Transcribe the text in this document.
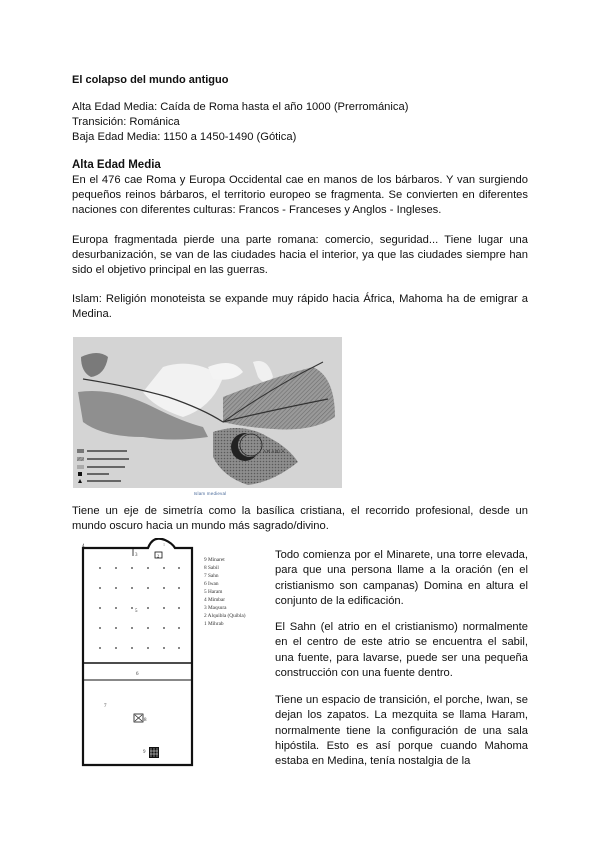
El colapso del mundo antiguo

Alta Edad Media: Caída de Roma hasta el año 1000 (Prerrománica)
Transición: Románica
Baja Edad Media: 1150 a 1450-1490 (Gótica)

Alta Edad Media

En el 476 cae Roma y Europa Occidental cae en manos de los bárbaros. Y van surgiendo pequeños reinos bárbaros, el territorio europeo se fragmenta. Se convierten en diferentes naciones con diferentes culturas: Francos - Franceses y Anglos - Ingleses.

Europa fragmentada pierde una parte romana: comercio, seguridad... Tiene lugar una desurbanización, se van de las ciudades hacia el interior, ya que las ciudades siempre han sido el objetivo principal en las guerras.

Islam: Religión monoteista se expande muy rápido hacia África, Mahoma ha de emigrar a Medina.

ARABIA
Islam medieval

Tiene un eje de simetría como la basílica cristiana, el recorrido profesional, desde un mundo oscuro hacia un mundo más sagrado/divino.

4
3
1
2
5
6
7
8
9
9 Minaret
8 Sabil
7 Sahn
6 Iwan
5 Haram
4 Mimbar
3 Maqsura
2 Alquibla (Quibla)
1 Mihrab

Todo comienza por el Minarete, una torre elevada, para que una persona llame a la oración (en el cristianismo son campanas) Domina en altura el conjunto de la edificación.

El Sahn (el atrio en el cristianismo) normalmente en el centro de este atrio se encuentra el sabil, una fuente, para lavarse, puede ser una pequeña construcción con una fuente dentro.

Tiene un espacio de transición, el porche, Iwan, se dejan los zapatos. La mezquita se llama Haram, normalmente tiene la configuración de una sala hipóstila. Esto es así porque cuando Mahoma estaba en Medina, tenía nostalgia de la
